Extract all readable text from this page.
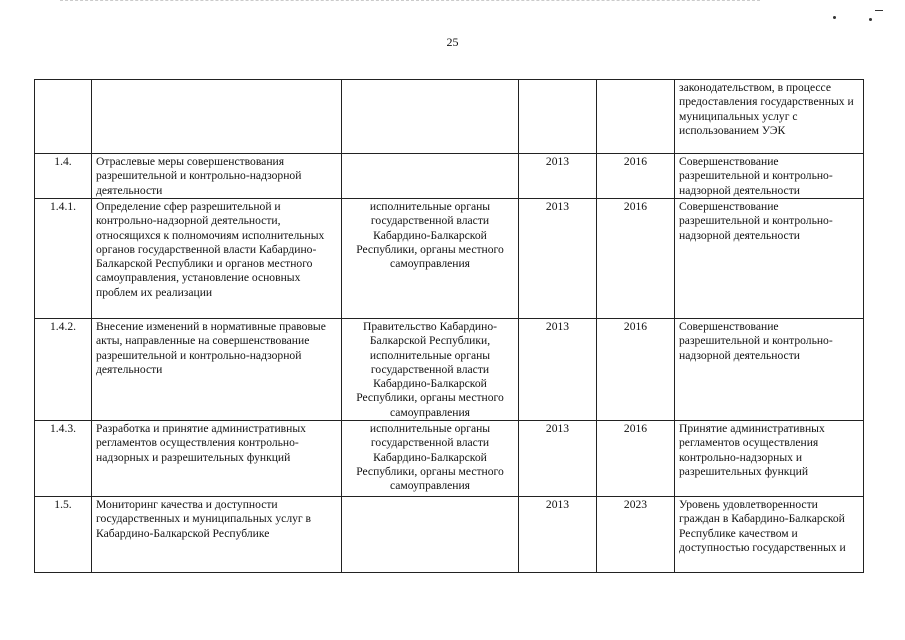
25
					законодательством, в процессе предоставления государственных и муниципальных услуг с использованием УЭК
1.4.	Отраслевые меры совершенствования разрешительной и контрольно-надзорной деятельности		2013	2016	Совершенствование разрешительной и контрольно-надзорной деятельности
1.4.1.	Определение сфер разрешительной и контрольно-надзорной деятельности, относящихся к полномочиям исполнительных органов государственной власти Кабардино-Балкарской Республики и органов местного самоуправления, установление основных проблем их реализации	исполнительные органы государственной власти Кабардино-Балкарской Республики, органы местного самоуправления	2013	2016	Совершенствование разрешительной и контрольно-надзорной деятельности
1.4.2.	Внесение изменений в нормативные правовые акты, направленные на совершенствование разрешительной и контрольно-надзорной деятельности	Правительство Кабардино-Балкарской Республики, исполнительные органы государственной власти Кабардино-Балкарской Республики, органы местного самоуправления	2013	2016	Совершенствование разрешительной и контрольно-надзорной деятельности
1.4.3.	Разработка и принятие административных регламентов осуществления контрольно-надзорных и разрешительных функций	исполнительные органы государственной власти Кабардино-Балкарской Республики, органы местного самоуправления	2013	2016	Принятие административных регламентов осуществления контрольно-надзорных и разрешительных функций
1.5.	Мониторинг качества и доступности государственных и муниципальных услуг в Кабардино-Балкарской Республике		2013	2023	Уровень удовлетворенности граждан в Кабардино-Балкарской Республике качеством и доступностью государственных и
